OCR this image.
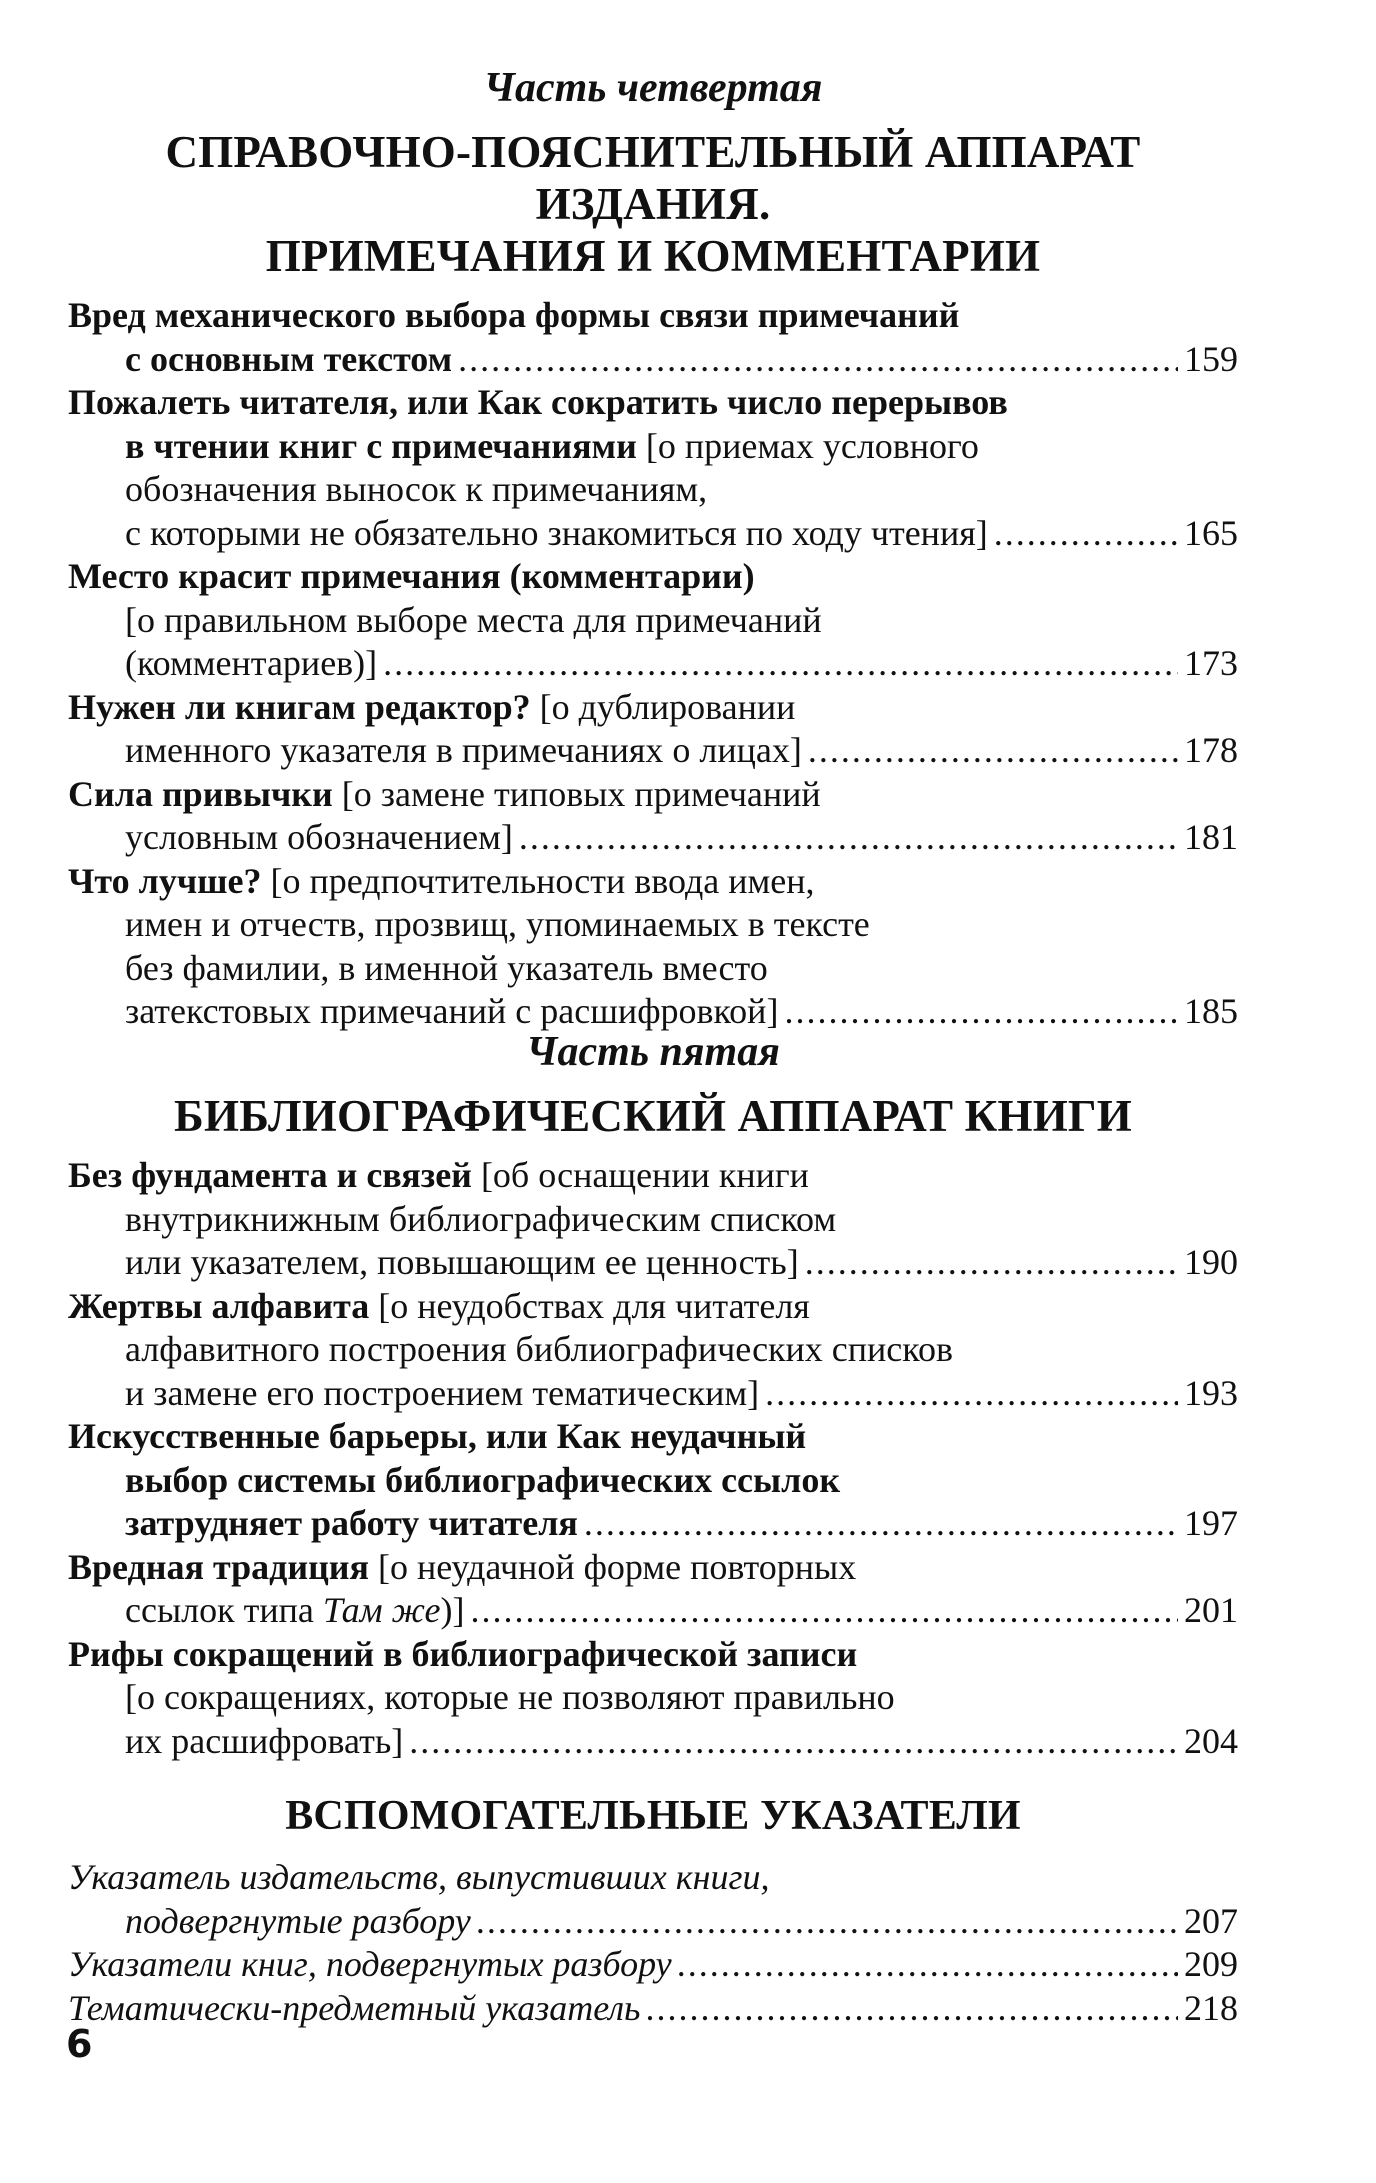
Часть четвертая

СПРАВОЧНО-ПОЯСНИТЕЛЬНЫЙ АППАРАТ ИЗДАНИЯ.

ПРИМЕЧАНИЯ И КОММЕНТАРИИ

Вред механического выбора формы связи примечаний
с основным текстом .....	159
Пожалеть читателя, или Как сократить число перерывов
в чтении книг с примечаниями [о приемах условного
обозначения выносок к примечаниям,
с которыми не обязательно знакомиться по ходу чтения] .....	165
Место красит примечания (комментарии)
[о правильном выборе места для примечаний
(комментариев)] .....	173
Нужен ли книгам редактор? [о дублировании
именного указателя в примечаниях о лицах] .....	178
Сила привычки [о замене типовых примечаний
условным обозначением] .....	181
Что лучше? [о предпочтительности ввода имен,
имен и отчеств, прозвищ, упоминаемых в тексте
без фамилии, в именной указатель вместо
затекстовых примечаний с расшифровкой] .....	185

Часть пятая

БИБЛИОГРАФИЧЕСКИЙ АППАРАТ КНИГИ

Без фундамента и связей [об оснащении книги
внутрикнижным библиографическим списком
или указателем, повышающим ее ценность] .....	190
Жертвы алфавита [о неудобствах для читателя
алфавитного построения библиографических списков
и замене его построением тематическим] .....	193
Искусственные барьеры, или Как неудачный
выбор системы библиографических ссылок
затрудняет работу читателя .....	197
Вредная традиция [о неудачной форме повторных
ссылок типа Там же)] .....	201
Рифы сокращений в библиографической записи
[о сокращениях, которые не позволяют правильно
их расшифровать] .....	204

ВСПОМОГАТЕЛЬНЫЕ УКАЗАТЕЛИ

Указатель издательств, выпустивших книги,
подвергнутые разбору .....	207
Указатели книг, подвергнутых разбору .....	209
Тематически-предметный указатель .....	218
6
